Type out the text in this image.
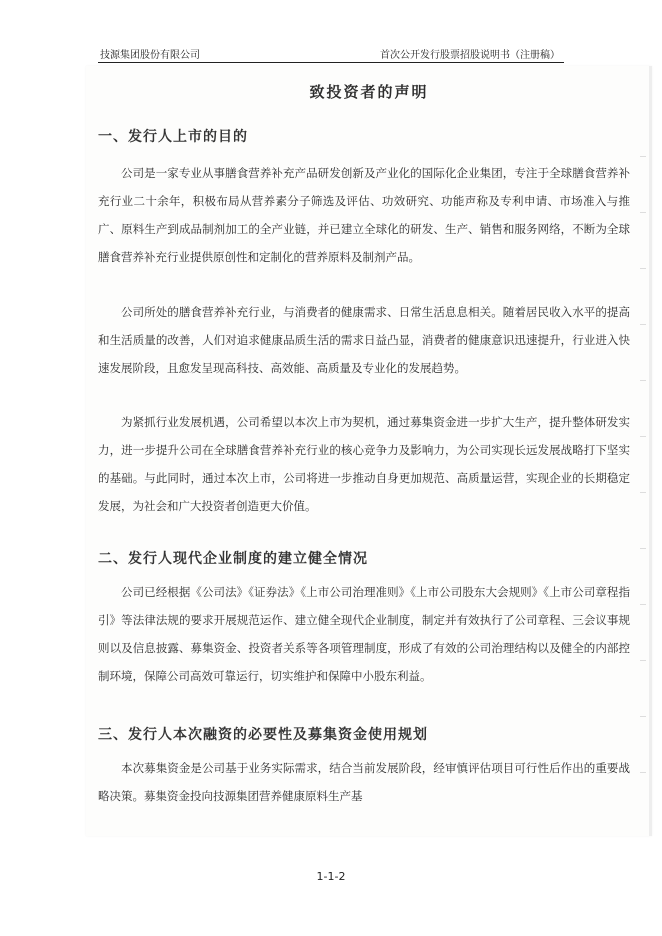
技源集团股份有限公司	首次公开发行股票招股说明书（注册稿）
致投资者的声明
一、发行人上市的目的

公司是一家专业从事膳食营养补充产品研发创新及产业化的国际化企业集团，专注于全球膳食营养补充行业二十余年，积极布局从营养素分子筛选及评估、功效研究、功能声称及专利申请、市场准入与推广、原料生产到成品制剂加工的全产业链，并已建立全球化的研发、生产、销售和服务网络，不断为全球膳食营养补充行业提供原创性和定制化的营养原料及制剂产品。

公司所处的膳食营养补充行业，与消费者的健康需求、日常生活息息相关。随着居民收入水平的提高和生活质量的改善，人们对追求健康品质生活的需求日益凸显，消费者的健康意识迅速提升，行业进入快速发展阶段，且愈发呈现高科技、高效能、高质量及专业化的发展趋势。

为紧抓行业发展机遇，公司希望以本次上市为契机，通过募集资金进一步扩大生产，提升整体研发实力，进一步提升公司在全球膳食营养补充行业的核心竞争力及影响力，为公司实现长远发展战略打下坚实的基础。与此同时，通过本次上市，公司将进一步推动自身更加规范、高质量运营，实现企业的长期稳定发展，为社会和广大投资者创造更大价值。

二、发行人现代企业制度的建立健全情况

公司已经根据《公司法》《证券法》《上市公司治理准则》《上市公司股东大会规则》《上市公司章程指引》等法律法规的要求开展规范运作、建立健全现代企业制度，制定并有效执行了公司章程、三会议事规则以及信息披露、募集资金、投资者关系等各项管理制度，形成了有效的公司治理结构以及健全的内部控制环境，保障公司高效可靠运行，切实维护和保障中小股东利益。

三、发行人本次融资的必要性及募集资金使用规划

本次募集资金是公司基于业务实际需求，结合当前发展阶段，经审慎评估项目可行性后作出的重要战略决策。募集资金投向技源集团营养健康原料生产基

1-1-2
